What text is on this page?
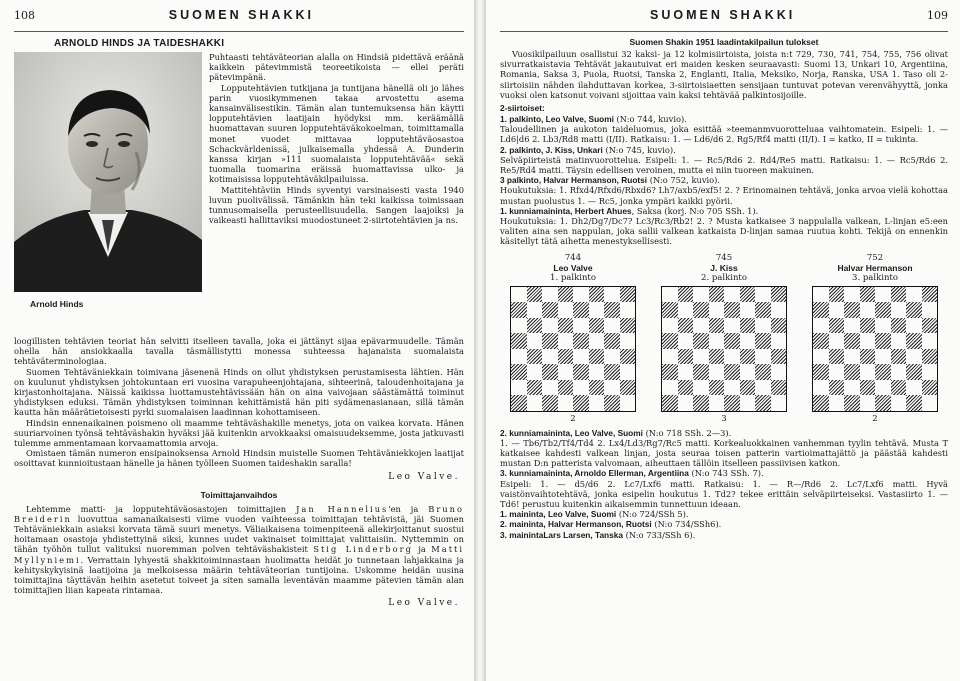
108	SUOMEN SHAKKI
ARNOLD HINDS JA TAIDESHAKKI
Arnold Hinds

Puhtaasti tehtäväteorian alalla on Hindsiä pidettävä eräänä kaikkein pätevimmistä teoreetikoista — ellei peräti pätevimpänä.

Lopputehtävien tutkijana ja tuntijana hänellä oli jo lähes parin vuosikymmenen takaa arvostettu asema kansainvälisestikin. Tämän alan tuntemuksensa hän käytti lopputehtävien laatijain hyödyksi mm. keräämällä huomattavan suuren lopputehtäväkokoelman, toimittamalla monet vuodet mittavaa lopputehtäväosastoa Schackvärldenissä, julkaisemalla yhdessä A. Dunderin kanssa kirjan »111 suomalaista lopputehtävää« sekä tuomalla tuomarina eräissä huomattavissa ulko- ja kotimaisissa lopputehtäväkilpailuissa.

Mattitehtäviin Hinds syventyi varsinaisesti vasta 1940 luvun puolivälissä. Tämänkin hän teki kaikissa toimissaan tunnusomaisella perusteellisuudella. Sangen laajoiksi ja vaikeasti hallittaviksi muodostuneet 2-siirtotehtävien ja ns.

loogillisten tehtävien teoriat hän selvitti itselleen tavalla, joka ei jättänyt sijaa epävarmuudelle. Tämän ohella hän ansiokkaalla tavalla täsmällistytti monessa suhteessa hajanaista suomalaista tehtäväterminologiaa.

Suomen Tehtäväniekkain toimivana jäsenenä Hinds on ollut yhdistyksen perustamisesta lähtien. Hän on kuulunut yhdistyksen johtokuntaan eri vuosina varapuheenjohtajana, sihteerinä, taloudenhoitajana ja kirjastonhoitajana. Näissä kaikissa luottamustehtävissään hän on aina vaivojaan säästämättä toiminut yhdistyksen eduksi. Tämän yhdistyksen toiminnan kehittämistä hän piti sydämenasianaan, sillä tämän kautta hän määrätietoisesti pyrki suomalaisen laadinnan kohottamiseen.

Hindsin ennenaikainen poismeno oli maamme tehtäväshakille menetys, jota on vaikea korvata. Hänen suuriarvoinen työnsä tehtäväshakin hyväksi jää kuitenkin arvokkaaksi omaisuudeksemme, josta jatkuvasti tulemme ammentamaan korvaamattomia arvoja.

Omistaen tämän numeron ensipainoksensa Arnold Hindsin muistelle Suomen Tehtäväniekkojen laatijat osoittavat kunnioitustaan hänelle ja hänen työlleen Suomen taideshakin saralla!

Leo Valve.
Toimittajanvaihdos

Lehtemme matti- ja lopputehtäväosastojen toimittajien Jan Hannelius'en ja Bruno Breiderin luovuttua samanaikaisesti viime vuoden vaihteessa toimittajan tehtävistä, jäi Suomen Tehtäväniekkain asiaksi korvata tämä suuri menetys. Väliaikaisena toimenpiteenä allekirjoittanut suostui hoitamaan osastoja yhdistettyinä siksi, kunnes uudet vakinaiset toimittajat valittaisiin. Nyttemmin on tähän työhön tullut valituksi nuoremman polven tehtäväshakisteit Stig Linderborg ja Matti Myllyniemi. Verrattain lyhyestä shakkitoiminnastaan huolimatta heidät jo tunnetaan lahjakkaina ja kehityskykyisinä laatijoina ja melkoisessa määrin tehtäväteorian tuntijoina. Uskomme heidän uusina toimittajina täyttävän heihin asetetut toiveet ja siten samalla leventävän maamme pätevien tämän alan toimittajien liian kapeata rintamaa.

Leo Valve.
SUOMEN SHAKKI	109
Suomen Shakin 1951 laadintakilpailun tulokset

Vuosikilpailuun osallistui 32 kaksi- ja 12 kolmisiirtoista, joista n:t 729, 730, 741, 754, 755, 756 olivat sivurratkaistavia Tehtävät jakautuivat eri maiden kesken seuraavasti: Suomi 13, Unkari 10, Argentiina, Romania, Saksa 3, Puola, Ruotsi, Tanska 2, Englanti, Italia, Meksiko, Norja, Ranska, USA 1. Taso oli 2-siirtoisiin nähden ilahduttavan korkea, 3-siirtoisiaetten sensijaan tuntuvat potevan verenvähyyttä, jonka vuoksi olen katsonut voivani sijoittaa vain kaksi tehtävää palkintosijoille.

2-siirtoiset:

1. palkinto, Leo Valve, Suomi (N:o 744, kuvio).

Taloudellinen ja aukoton taideluomus, joka esittää »teemanmvuorotteluaa vaihtomatein. Esipeli: 1. — Ld6|d6 2. Lb3/Rd8 matti (I/II). Ratkaisu: 1. — Ld6/d6 2. Rg5/Rf4 matti (II/I). I = katko, II = tukinta.

2. palkinto, J. Kiss, Unkari (N:o 745, kuvio).

Selväpiirteistä matinvuorottelua. Esipeli: 1. — Rc5/Rd6 2. Rd4/Re5 matti. Ratkaisu: 1. — Rc5/Rd6 2. Re5/Rd4 matti. Täysin edellisen veroinen, mutta ei niin tuoreen makuinen.

3 palkinto, Halvar Hermanson, Ruotsi (N:o 752, kuvio).

Houkutuksia: 1. Rfxd4/Rfxd6/Rbxd6? Lh7/axb5/exf5! 2. ? Erinomainen tehtävä, jonka arvoa vielä kohottaa mustan puolustus 1. — Rc5, jonka ympäri kaikki pyörii.

1. kunniamaininta, Herbert Ahues, Saksa (korj. N:o 705 SSh. 1).

Houkutuksia: 1. Dh2/Dg7/Dc7? Lc3/Rc3/Rb2! 2. ? Musta katkaisee 3 nappulalla valkean, L-linjan e5:een valiten aina sen nappulan, joka sallii valkean katkaista D-linjan samaa ruutua kohti. Tekijä on ennenkin käsitellyt tätä aihetta menestyksellisesti.

744
Leo Valve
1. palkinto
2
745
J. Kiss
2. palkinto
3
752
Halvar Hermanson
3. palkinto
2

2. kunniamaininta, Leo Valve, Suomi (N:o 718 SSh. 2—3).

1. — Tb6/Tb2/Tf4/Td4 2. Lx4/Ld3/Rg7/Rc5 matti. Korkealuokkainen vanhemman tyylin tehtävä. Musta T katkaisee kahdesti valkean linjan, josta seuraa toisen patterin vartioimattajättö ja päästää kahdesti mustan D:n patterista valvomaan, aiheuttaen tällöin itselleen passiivisen katkon.

3. kunniamaininta, Arnoldo Ellerman, Argentiina (N:o 743 SSh. 7).

Esipeli: 1. — d5/d6 2. Lc7/Lxf6 matti. Ratkaisu: 1. — R—/Rd6 2. Lc7/Lxf6 matti. Hyvä vaistönvaihtotehtävä, jonka esipelin houkutus 1. Td2? tekee erittäin selväpiirteiseksi. Vastasiirto 1. — Td6! perustuu kuitenkin aikaisemmin tunnettuun ideaan.

1. maininta, Leo Valve, Suomi (N:o 724/SSh 5).

2. maininta, Halvar Hermanson, Ruotsi (N:o 734/SSh6).

3. mainintaLars Larsen, Tanska (N:o 733/SSh 6).
